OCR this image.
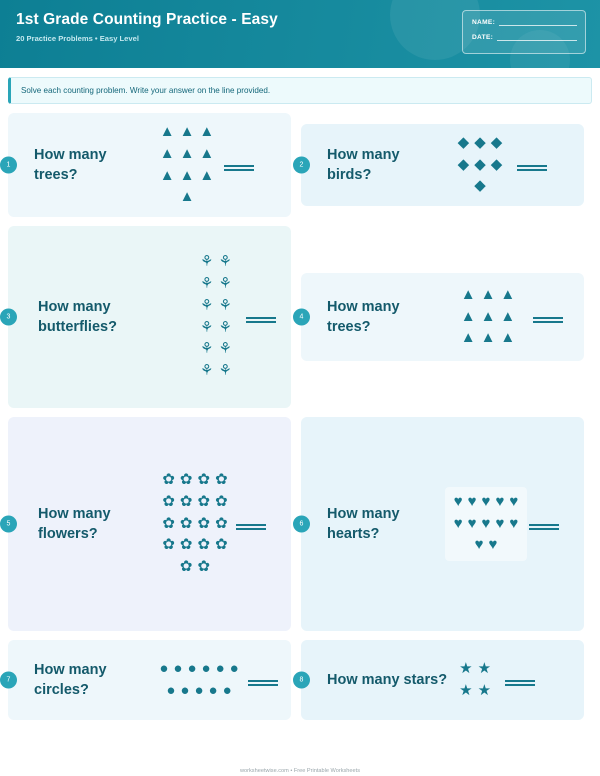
1st Grade Counting Practice - Easy
20 Practice Problems • Easy Level
NAME:
DATE:
Solve each counting problem. Write your answer on the line provided.
1
How many trees?
▲ ▲ ▲
▲ ▲ ▲
▲ ▲ ▲
▲
2
How many birds?
◆ ◆ ◆
◆ ◆ ◆
◆
3
How many butterflies?
⚘ ⚘
⚘ ⚘
⚘ ⚘
⚘ ⚘
⚘ ⚘
⚘ ⚘
4
How many trees?
▲ ▲ ▲
▲ ▲ ▲
▲ ▲ ▲
5
How many flowers?
✿ ✿ ✿ ✿
✿ ✿ ✿ ✿
✿ ✿ ✿ ✿
✿ ✿ ✿ ✿
✿ ✿
6
How many hearts?
♥ ♥ ♥ ♥ ♥
♥ ♥ ♥ ♥ ♥
♥ ♥
7
How many circles?
● ● ● ● ● ●
● ● ● ● ●
8	How many stars?
★ ★
★ ★
worksheetwise.com • Free Printable Worksheets
